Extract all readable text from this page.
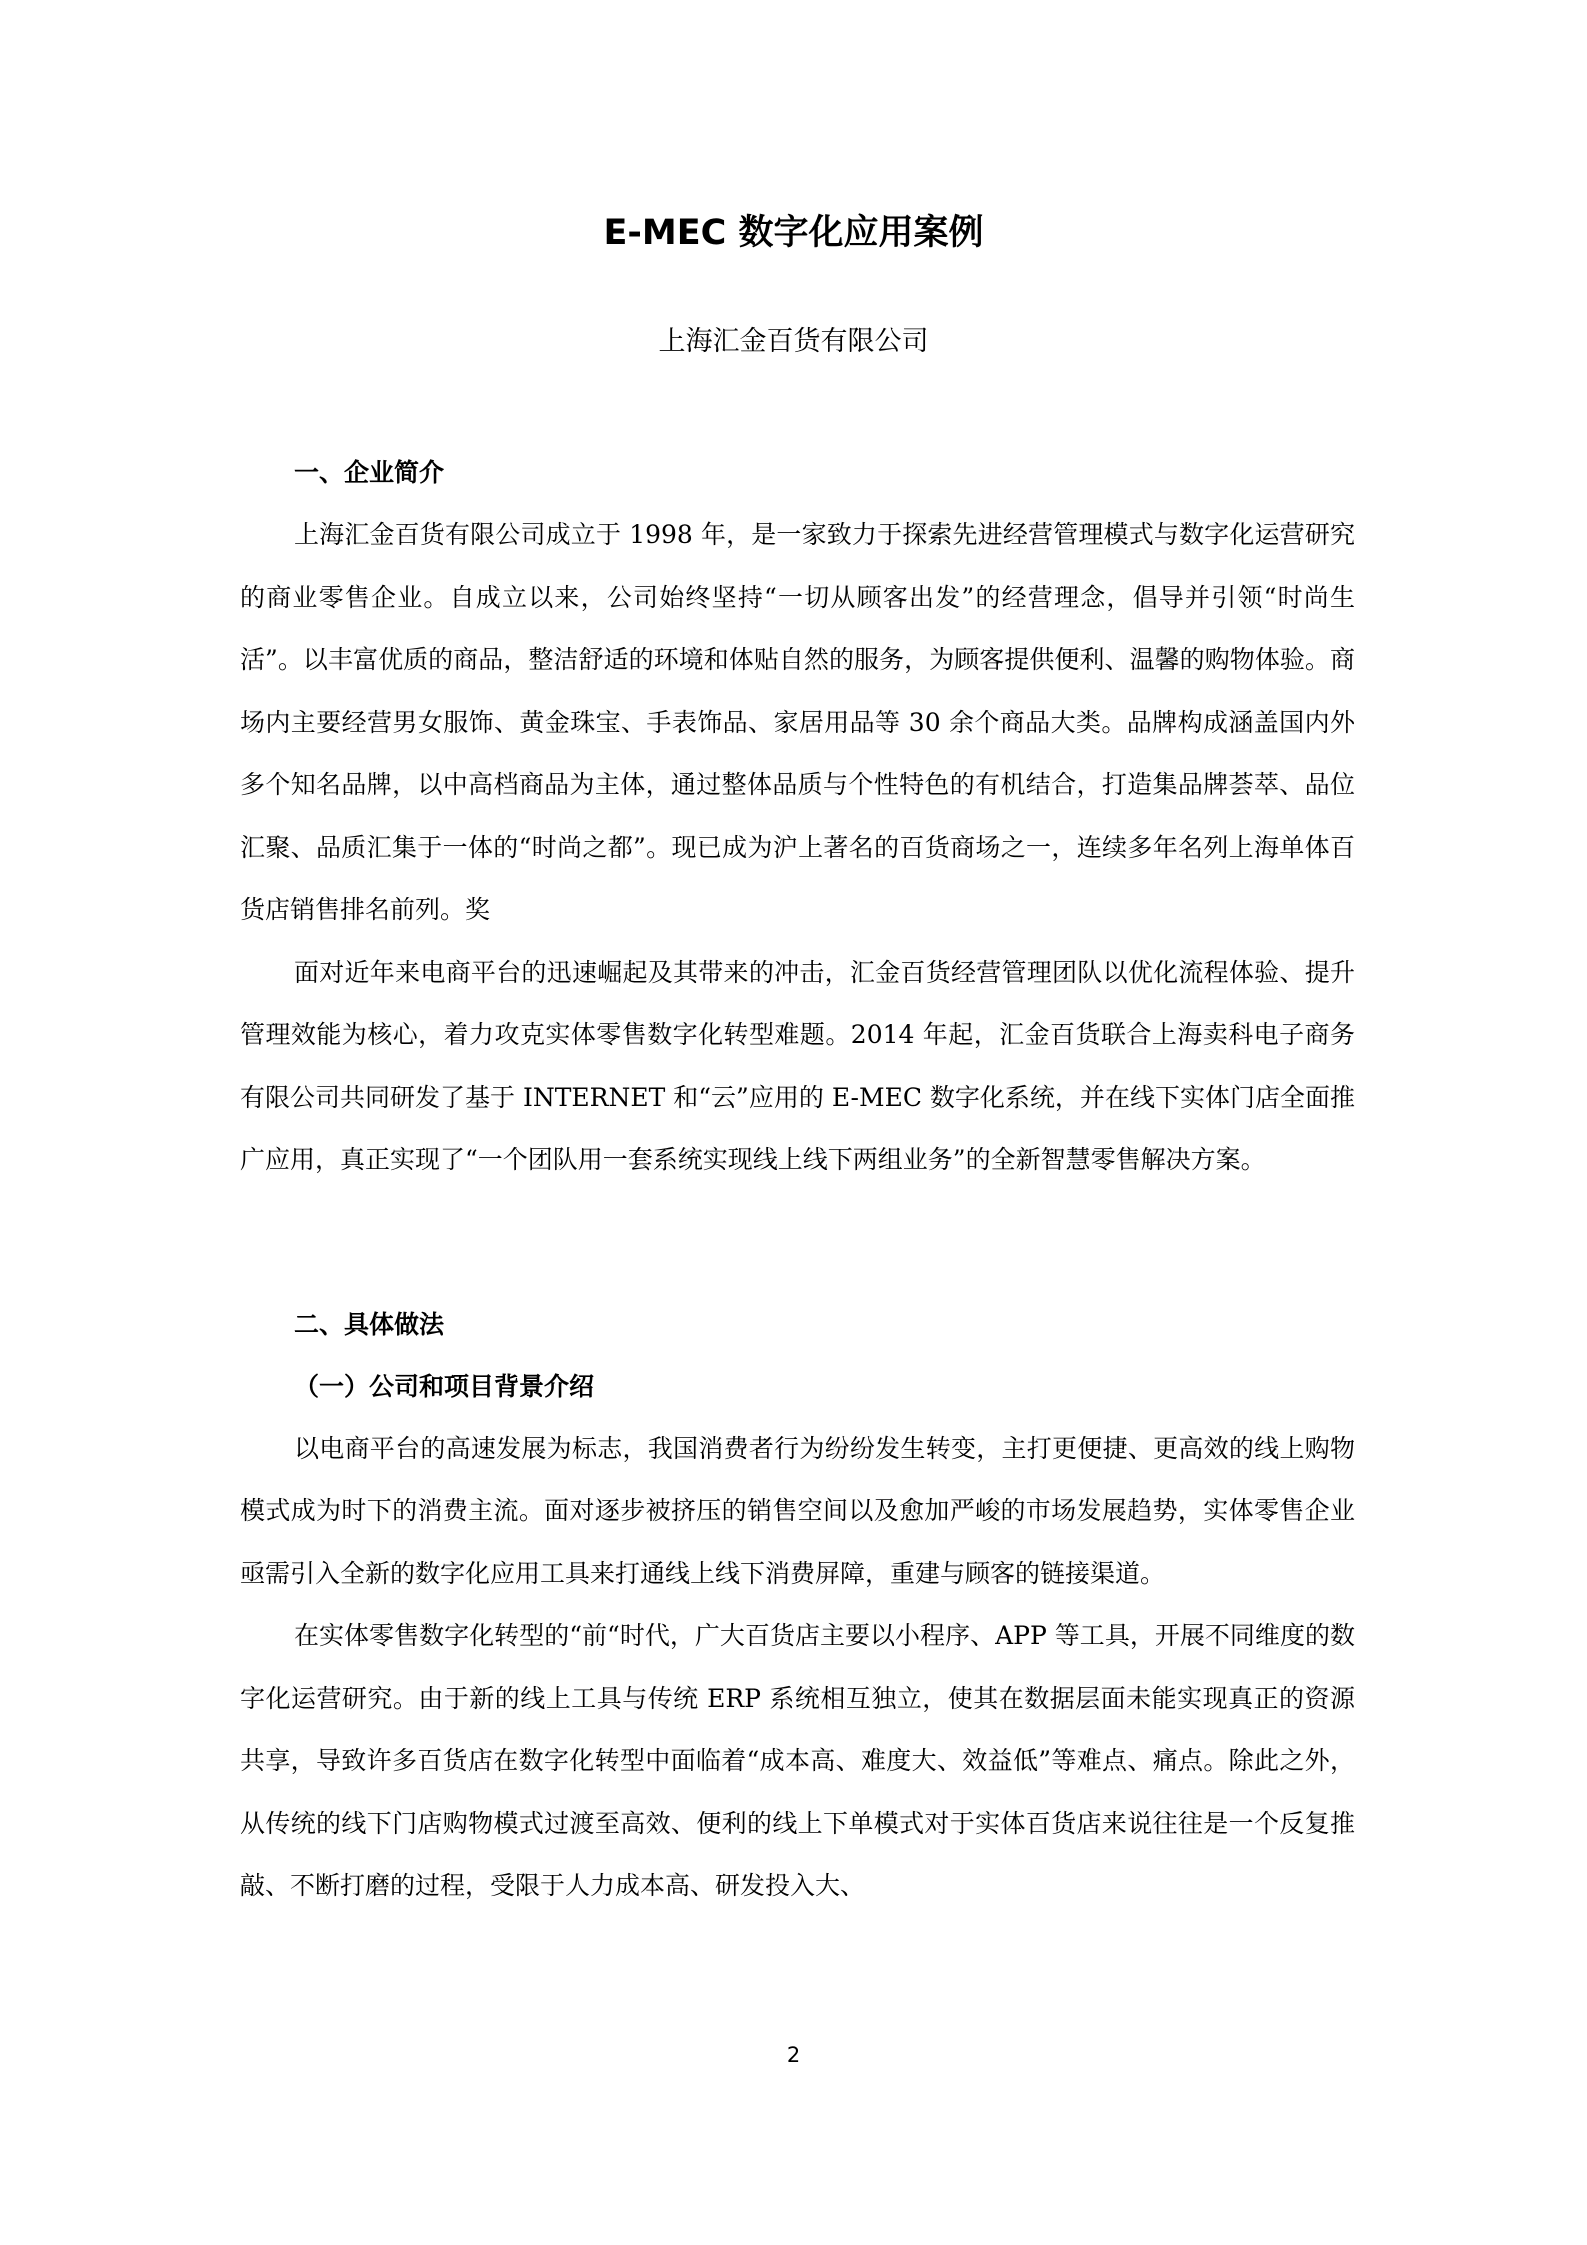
E-MEC 数字化应用案例

上海汇金百货有限公司

一、企业简介

上海汇金百货有限公司成立于 1998 年，是一家致力于探索先进经营管理模式与数字化运营研究的商业零售企业。自成立以来，公司始终坚持“一切从顾客出发”的经营理念，倡导并引领“时尚生活”。以丰富优质的商品，整洁舒适的环境和体贴自然的服务，为顾客提供便利、温馨的购物体验。商场内主要经营男女服饰、黄金珠宝、手表饰品、家居用品等 30 余个商品大类。品牌构成涵盖国内外多个知名品牌，以中高档商品为主体，通过整体品质与个性特色的有机结合，打造集品牌荟萃、品位汇聚、品质汇集于一体的“时尚之都”。现已成为沪上著名的百货商场之一，连续多年名列上海单体百货店销售排名前列。奖

面对近年来电商平台的迅速崛起及其带来的冲击，汇金百货经营管理团队以优化流程体验、提升管理效能为核心，着力攻克实体零售数字化转型难题。2014 年起，汇金百货联合上海卖科电子商务有限公司共同研发了基于 INTERNET 和“云”应用的 E-MEC 数字化系统，并在线下实体门店全面推广应用，真正实现了“一个团队用一套系统实现线上线下两组业务”的全新智慧零售解决方案。

二、具体做法
（一）公司和项目背景介绍

以电商平台的高速发展为标志，我国消费者行为纷纷发生转变，主打更便捷、更高效的线上购物模式成为时下的消费主流。面对逐步被挤压的销售空间以及愈加严峻的市场发展趋势，实体零售企业亟需引入全新的数字化应用工具来打通线上线下消费屏障，重建与顾客的链接渠道。

在实体零售数字化转型的“前“时代，广大百货店主要以小程序、APP 等工具，开展不同维度的数字化运营研究。由于新的线上工具与传统 ERP 系统相互独立，使其在数据层面未能实现真正的资源共享，导致许多百货店在数字化转型中面临着“成本高、难度大、效益低”等难点、痛点。除此之外，从传统的线下门店购物模式过渡至高效、便利的线上下单模式对于实体百货店来说往往是一个反复推敲、不断打磨的过程，受限于人力成本高、研发投入大、

2
